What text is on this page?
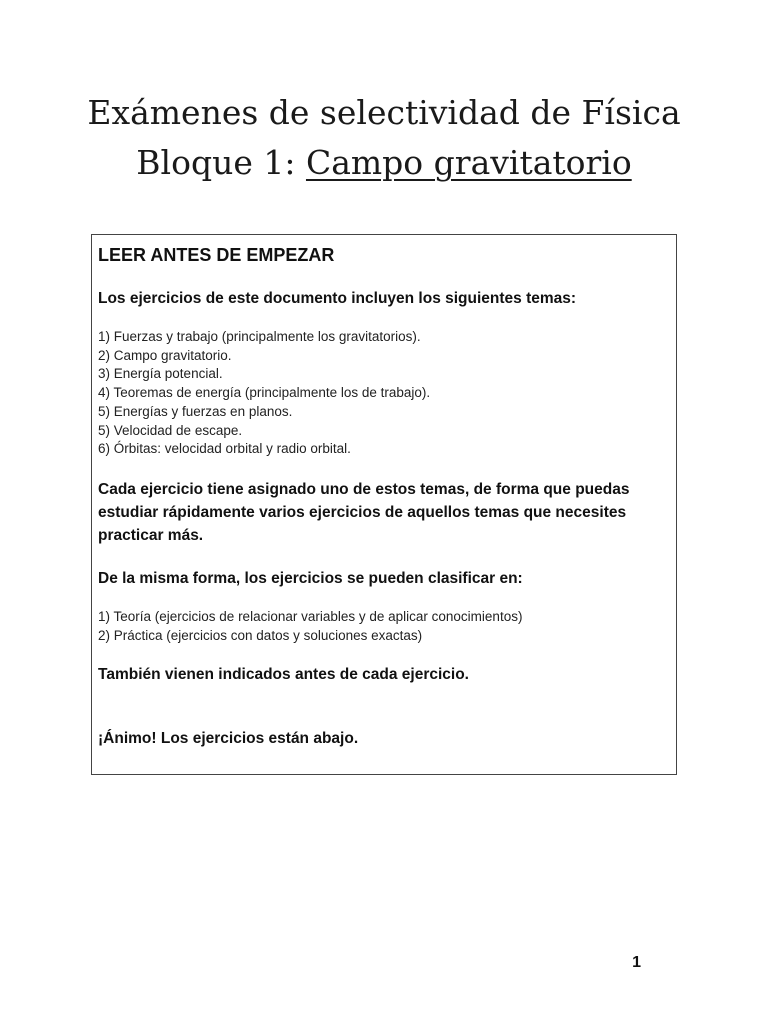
Exámenes de selectividad de Física
Bloque 1: Campo gravitatorio

LEER ANTES DE EMPEZAR

Los ejercicios de este documento incluyen los siguientes temas:

1) Fuerzas y trabajo (principalmente los gravitatorios).
2) Campo gravitatorio.
3) Energía potencial.
4) Teoremas de energía (principalmente los de trabajo).
5) Energías y fuerzas en planos.
5) Velocidad de escape.
6) Órbitas: velocidad orbital y radio orbital.

Cada ejercicio tiene asignado uno de estos temas, de forma que puedas estudiar rápidamente varios ejercicios de aquellos temas que necesites practicar más.

De la misma forma, los ejercicios se pueden clasificar en:

1) Teoría (ejercicios de relacionar variables y de aplicar conocimientos)
2) Práctica (ejercicios con datos y soluciones exactas)

También vienen indicados antes de cada ejercicio.

¡Ánimo! Los ejercicios están abajo.

1
